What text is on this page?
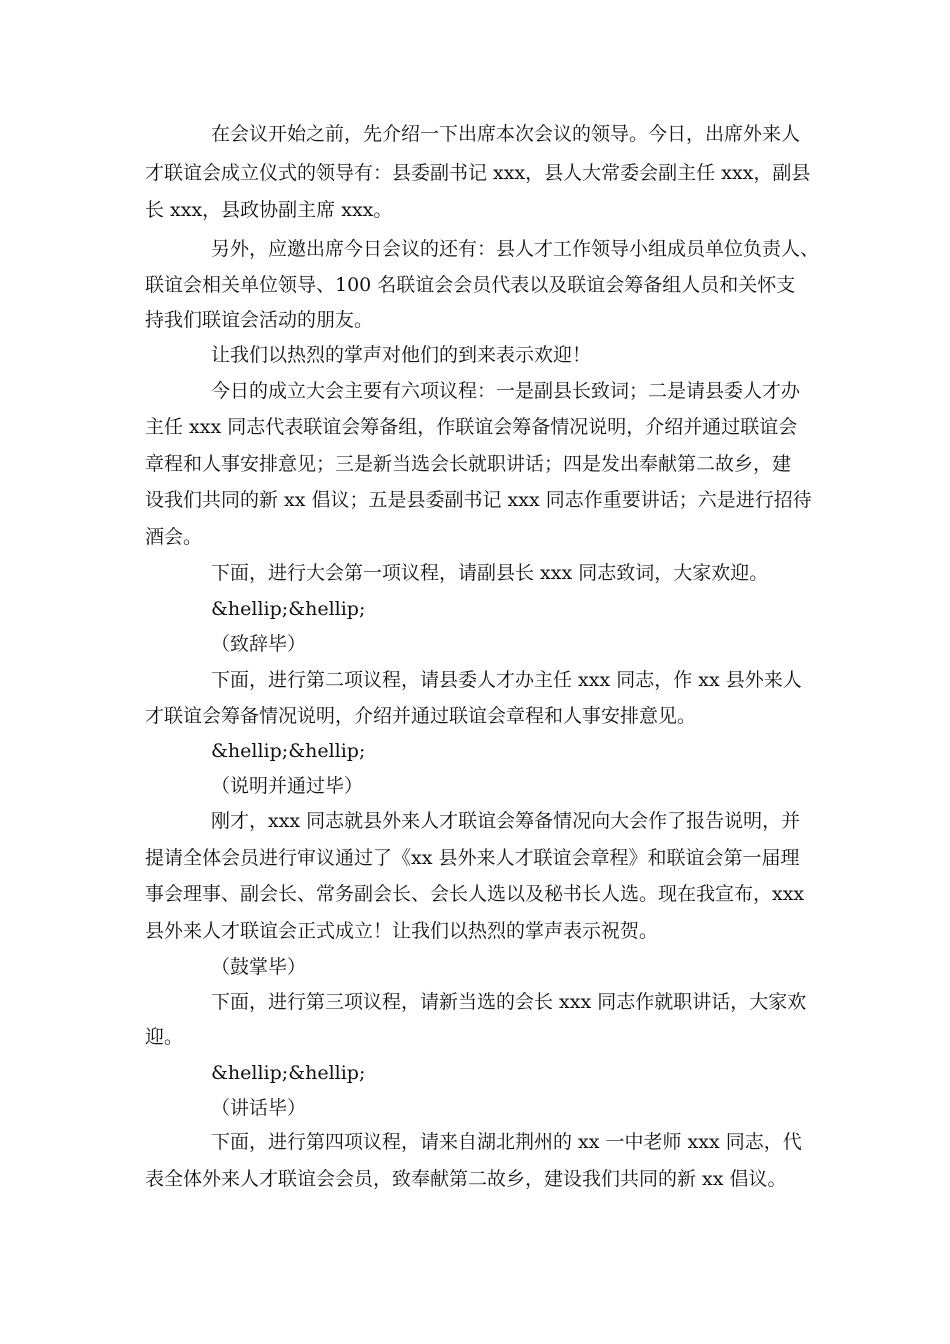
在会议开始之前，先介绍一下出席本次会议的领导。今日，出席外来人
才联谊会成立仪式的领导有：县委副书记 xxx，县人大常委会副主任 xxx，副县
长 xxx，县政协副主席 xxx。
另外，应邀出席今日会议的还有：县人才工作领导小组成员单位负责人、
联谊会相关单位领导、100 名联谊会会员代表以及联谊会筹备组人员和关怀支
持我们联谊会活动的朋友。
让我们以热烈的掌声对他们的到来表示欢迎！
今日的成立大会主要有六项议程：一是副县长致词；二是请县委人才办
主任 xxx 同志代表联谊会筹备组，作联谊会筹备情况说明，介绍并通过联谊会
章程和人事安排意见；三是新当选会长就职讲话；四是发出奉献第二故乡，建
设我们共同的新 xx 倡议；五是县委副书记 xxx 同志作重要讲话；六是进行招待
酒会。
下面，进行大会第一项议程，请副县长 xxx 同志致词，大家欢迎。
&hellip;&hellip;
（致辞毕）
下面，进行第二项议程，请县委人才办主任 xxx 同志，作 xx 县外来人
才联谊会筹备情况说明，介绍并通过联谊会章程和人事安排意见。
&hellip;&hellip;
（说明并通过毕）
刚才，xxx 同志就县外来人才联谊会筹备情况向大会作了报告说明，并
提请全体会员进行审议通过了《xx 县外来人才联谊会章程》和联谊会第一届理
事会理事、副会长、常务副会长、会长人选以及秘书长人选。现在我宣布，xxx
县外来人才联谊会正式成立！让我们以热烈的掌声表示祝贺。
（鼓掌毕）
下面，进行第三项议程，请新当选的会长 xxx 同志作就职讲话，大家欢
迎。
&hellip;&hellip;
（讲话毕）
下面，进行第四项议程，请来自湖北荆州的 xx 一中老师 xxx 同志，代
表全体外来人才联谊会会员，致奉献第二故乡，建设我们共同的新 xx 倡议。
